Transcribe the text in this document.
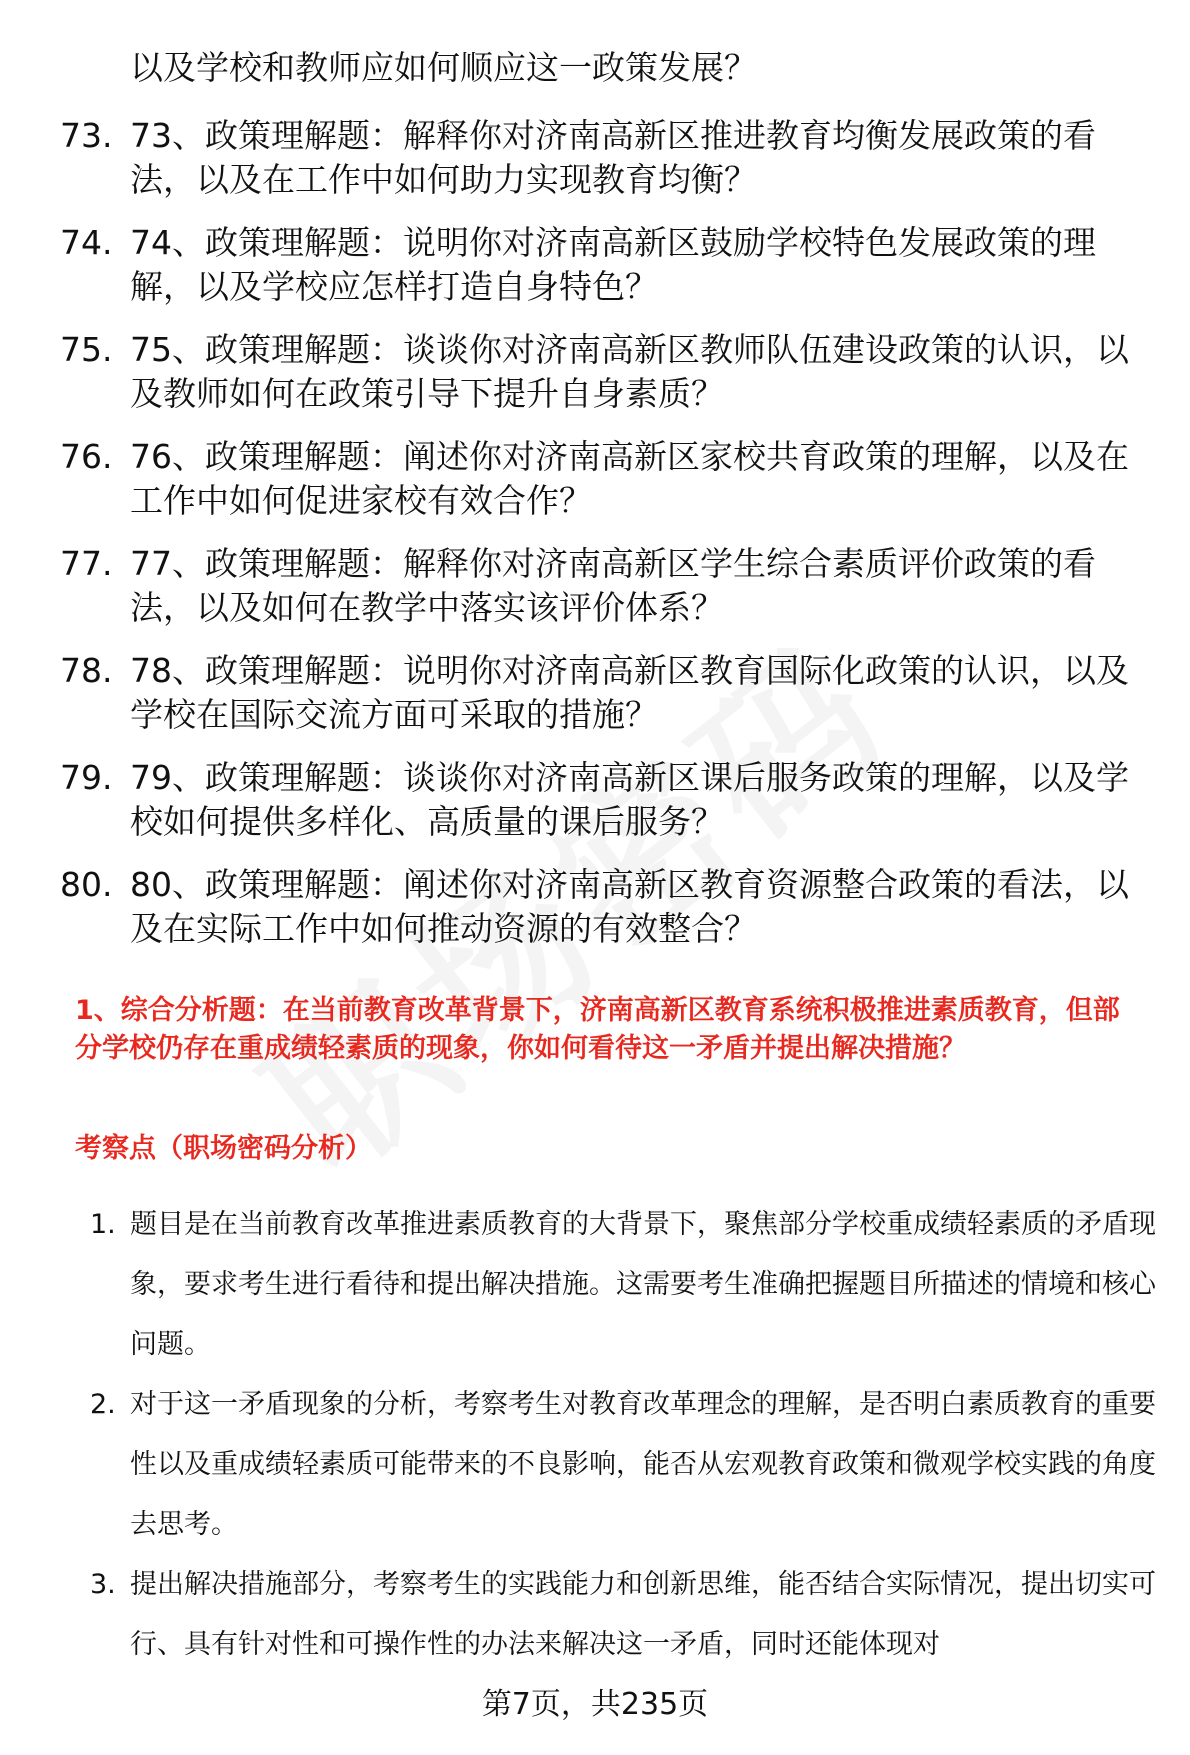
以及学校和教师应如何顺应这一政策发展？
73. 73、政策理解题：解释你对济南高新区推进教育均衡发展政策的看法，以及在工作中如何助力实现教育均衡？
74. 74、政策理解题：说明你对济南高新区鼓励学校特色发展政策的理解，以及学校应怎样打造自身特色？
75. 75、政策理解题：谈谈你对济南高新区教师队伍建设政策的认识，以及教师如何在政策引导下提升自身素质？
76. 76、政策理解题：阐述你对济南高新区家校共育政策的理解，以及在工作中如何促进家校有效合作？
77. 77、政策理解题：解释你对济南高新区学生综合素质评价政策的看法，以及如何在教学中落实该评价体系？
78. 78、政策理解题：说明你对济南高新区教育国际化政策的认识，以及学校在国际交流方面可采取的措施？
79. 79、政策理解题：谈谈你对济南高新区课后服务政策的理解，以及学校如何提供多样化、高质量的课后服务？
80. 80、政策理解题：阐述你对济南高新区教育资源整合政策的看法，以及在实际工作中如何推动资源的有效整合？
1、综合分析题：在当前教育改革背景下，济南高新区教育系统积极推进素质教育，但部分学校仍存在重成绩轻素质的现象，你如何看待这一矛盾并提出解决措施？
考察点（职场密码分析）
1. 题目是在当前教育改革推进素质教育的大背景下，聚焦部分学校重成绩轻素质的矛盾现象，要求考生进行看待和提出解决措施。这需要考生准确把握题目所描述的情境和核心问题。
2. 对于这一矛盾现象的分析，考察考生对教育改革理念的理解，是否明白素质教育的重要性以及重成绩轻素质可能带来的不良影响，能否从宏观教育政策和微观学校实践的角度去思考。
3. 提出解决措施部分，考察考生的实践能力和创新思维，能否结合实际情况，提出切实可行、具有针对性和可操作性的办法来解决这一矛盾，同时还能体现对
第7页，共235页
